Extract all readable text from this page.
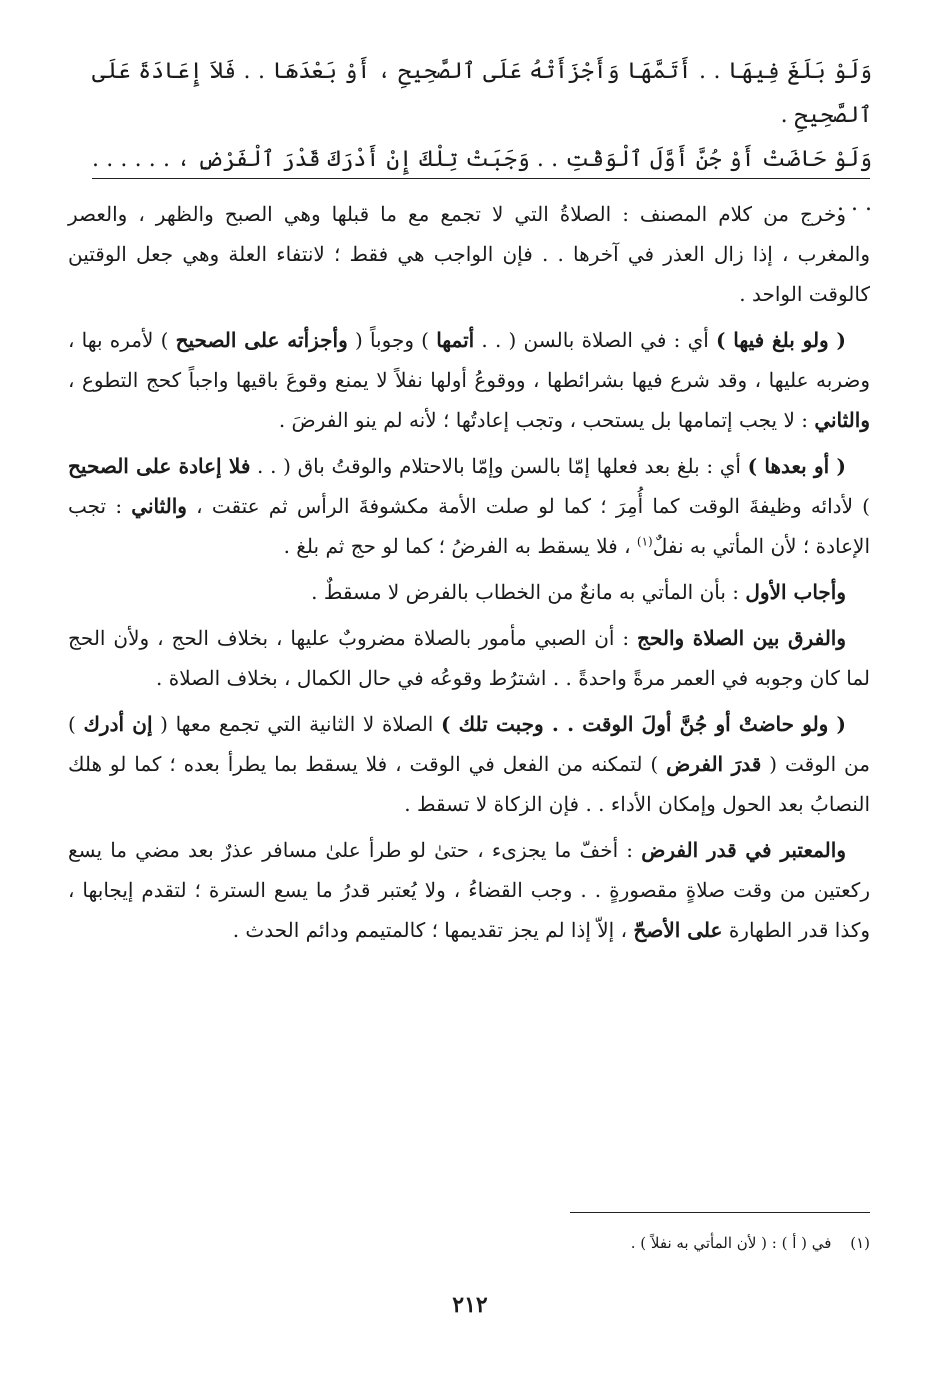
وَلَوْ بَلَغَ فِيهَا . . أَتَمَّهَا وَأَجْزَأَتْهُ عَلَى ٱلصَّحِيحِ ، أَوْ بَعْدَهَا . . فَلاَ إِعَادَةَ عَلَى ٱلصَّحِيحِ .

وَلَوْ حَاضَتْ أَوْ جُنَّ أَوَّلَ ٱلْوَقْتِ . . وَجَبَتْ تِلْكَ إِنْ أَدْرَكَ قَدْرَ ٱلْفَرْضِ ، . . . . . . . . .

وخرج من كلام المصنف : الصلاةُ التي لا تجمع مع ما قبلها وهي الصبح والظهر ، والعصر والمغرب ، إذا زال العذر في آخرها . . فإن الواجب هي فقط ؛ لانتفاء العلة وهي جعل الوقتين كالوقت الواحد .

( ولو بلغ فيها ) أي : في الصلاة بالسن ( . . أتمها ) وجوباً ( وأجزأته على الصحيح ) لأمره بها ، وضربه عليها ، وقد شرع فيها بشرائطها ، ووقوعُ أولها نفلاً لا يمنع وقوعَ باقيها واجباً كحج التطوع ، والثاني : لا يجب إتمامها بل يستحب ، وتجب إعادتُها ؛ لأنه لم ينو الفرضَ .

( أو بعدها ) أي : بلغ بعد فعلها إمّا بالسن وإمّا بالاحتلام والوقتُ باق ( . . فلا إعادة على الصحيح ) لأدائه وظيفةَ الوقت كما أُمِرَ ؛ كما لو صلت الأمة مكشوفةَ الرأس ثم عتقت ، والثاني : تجب الإعادة ؛ لأن المأتي به نفلٌ$^{(١)}$ ، فلا يسقط به الفرضُ ؛ كما لو حج ثم بلغ .

وأجاب الأول : بأن المأتي به مانعٌ من الخطاب بالفرض لا مسقطٌ .

والفرق بين الصلاة والحج : أن الصبي مأمور بالصلاة مضروبٌ عليها ، بخلاف الحج ، ولأن الحج لما كان وجوبه في العمر مرةً واحدةً . . اشترُط وقوعُه في حال الكمال ، بخلاف الصلاة .

( ولو حاضتْ أو جُنَّ أولَ الوقت . . وجبت تلك ) الصلاة لا الثانية التي تجمع معها ( إن أدرك ) من الوقت ( قدرَ الفرض ) لتمكنه من الفعل في الوقت ، فلا يسقط بما يطرأ بعده ؛ كما لو هلك النصابُ بعد الحول وإمكان الأداء . . فإن الزكاة لا تسقط .

والمعتبر في قدر الفرض : أخفّ ما يجزىء ، حتىٰ لو طرأ علىٰ مسافر عذرٌ بعد مضي ما يسع ركعتين من وقت صلاةٍ مقصورةٍ . . وجب القضاءُ ، ولا يُعتبر قدرُ ما يسع السترة ؛ لتقدم إيجابها ، وكذا قدر الطهارة على الأصحّ ، إلاّ إذا لم يجز تقديمها ؛ كالمتيمم ودائم الحدث .

(١) في ( أ ) : ( لأن المأتي به نفلاً ) .
٢١٢
